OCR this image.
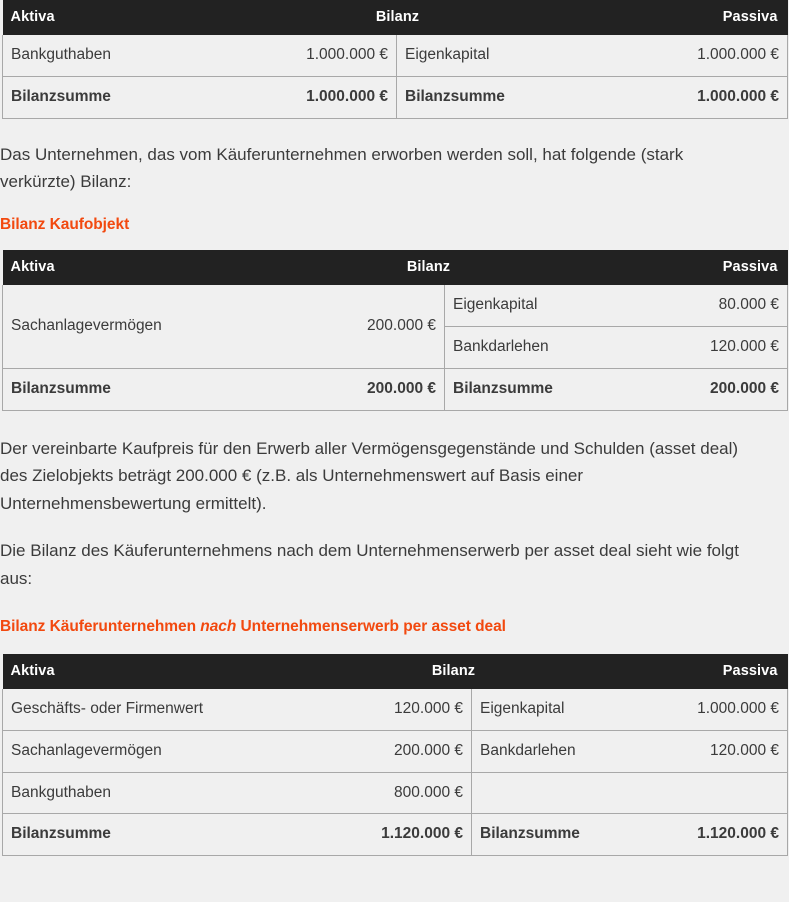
Aktiva	Bilanz		Passiva
Bankguthaben	1.000.000 €	Eigenkapital	1.000.000 €
Bilanzsumme	1.000.000 €	Bilanzsumme	1.000.000 €

Das Unternehmen, das vom Käuferunternehmen erworben werden soll, hat folgende (stark verkürzte) Bilanz:

Bilanz Kaufobjekt
Aktiva	Bilanz		Passiva
Sachanlagevermögen	200.000 €	Eigenkapital	80.000 €
		Bankdarlehen	120.000 €
Bilanzsumme	200.000 €	Bilanzsumme	200.000 €

Der vereinbarte Kaufpreis für den Erwerb aller Vermögensgegenstände und Schulden (asset deal) des Zielobjekts beträgt 200.000 € (z.B. als Unternehmenswert auf Basis einer Unternehmensbewertung ermittelt).

Die Bilanz des Käuferunternehmens nach dem Unternehmenserwerb per asset deal sieht wie folgt aus:

Bilanz Käuferunternehmen nach Unternehmenserwerb per asset deal
Aktiva	Bilanz		Passiva
Geschäfts- oder Firmenwert	120.000 €	Eigenkapital	1.000.000 €
Sachanlagevermögen	200.000 €	Bankdarlehen	120.000 €
Bankguthaben	800.000 €		
Bilanzsumme	1.120.000 €	Bilanzsumme	1.120.000 €
